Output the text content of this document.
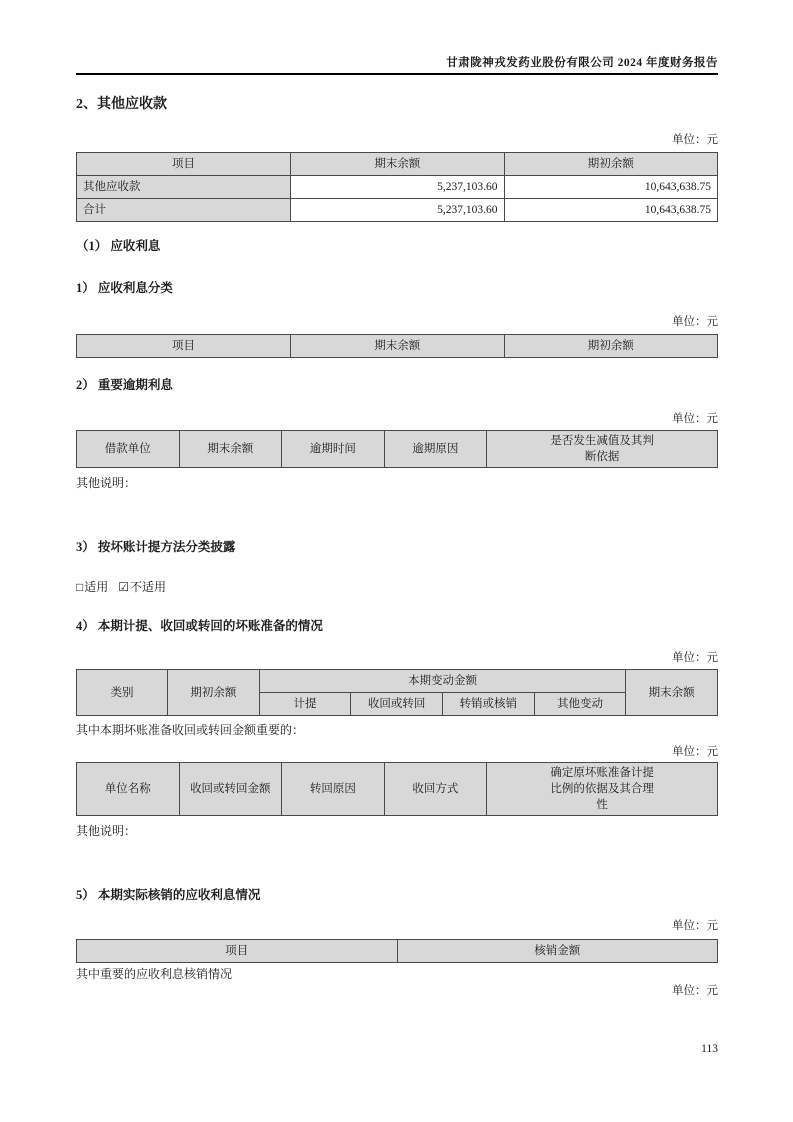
甘肃陇神戎发药业股份有限公司 2024 年度财务报告
2、其他应收款
单位：元
项目	期末余额	期初余额
其他应收款	5,237,103.60	10,643,638.75
合计	5,237,103.60	10,643,638.75
（1） 应收利息
1） 应收利息分类
单位：元
项目	期末余额	期初余额
2） 重要逾期利息
单位：元
借款单位	期末余额	逾期时间	逾期原因	是否发生减值及其判断依据
其他说明：
3） 按坏账计提方法分类披露
□适用 ☑不适用
4） 本期计提、收回或转回的坏账准备的情况
单位：元
类别	期初余额	本期变动金额				期末余额
		计提	收回或转回	转销或核销	其他变动	
其中本期坏账准备收回或转回金额重要的：
单位：元
单位名称	收回或转回金额	转回原因	收回方式	确定原坏账准备计提比例的依据及其合理性
其他说明：
5） 本期实际核销的应收利息情况
单位：元
项目	核销金额
其中重要的应收利息核销情况
单位：元
113
